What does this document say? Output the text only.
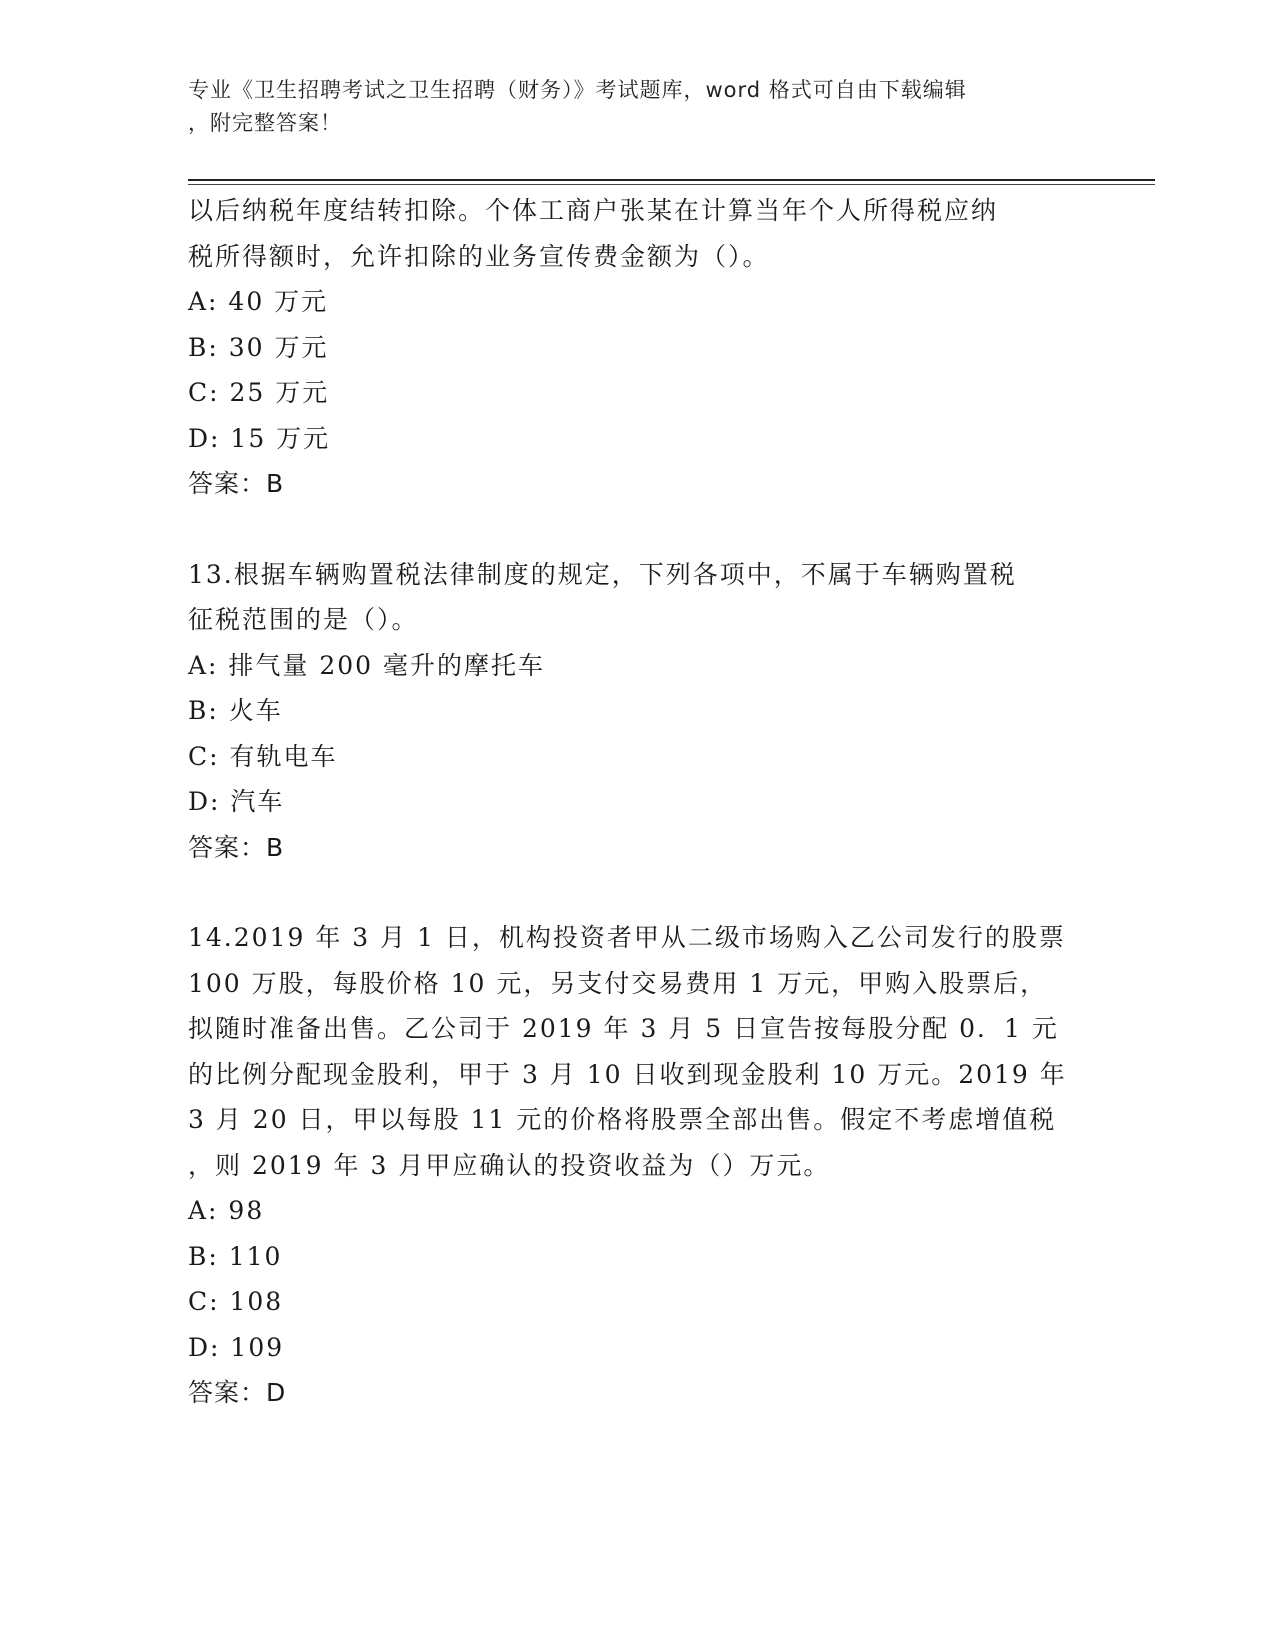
专业《卫生招聘考试之卫生招聘（财务）》考试题库，word 格式可自由下载编辑
，附完整答案！
以后纳税年度结转扣除。个体工商户张某在计算当年个人所得税应纳
税所得额时，允许扣除的业务宣传费金额为（）。
A: 40 万元
B: 30 万元
C: 25 万元
D: 15 万元
答案：B
13.根据车辆购置税法律制度的规定，下列各项中，不属于车辆购置税
征税范围的是（）。
A: 排气量 200 毫升的摩托车
B: 火车
C: 有轨电车
D: 汽车
答案：B
14.2019 年 3 月 1 日，机构投资者甲从二级市场购入乙公司发行的股票
100 万股，每股价格 10 元，另支付交易费用 1 万元，甲购入股票后，
拟随时准备出售。乙公司于 2019 年 3 月 5 日宣告按每股分配 0．1 元
的比例分配现金股利，甲于 3 月 10 日收到现金股利 10 万元。2019 年
3 月 20 日，甲以每股 11 元的价格将股票全部出售。假定不考虑增值税
，则 2019 年 3 月甲应确认的投资收益为（）万元。
A: 98
B: 110
C: 108
D: 109
答案：D
